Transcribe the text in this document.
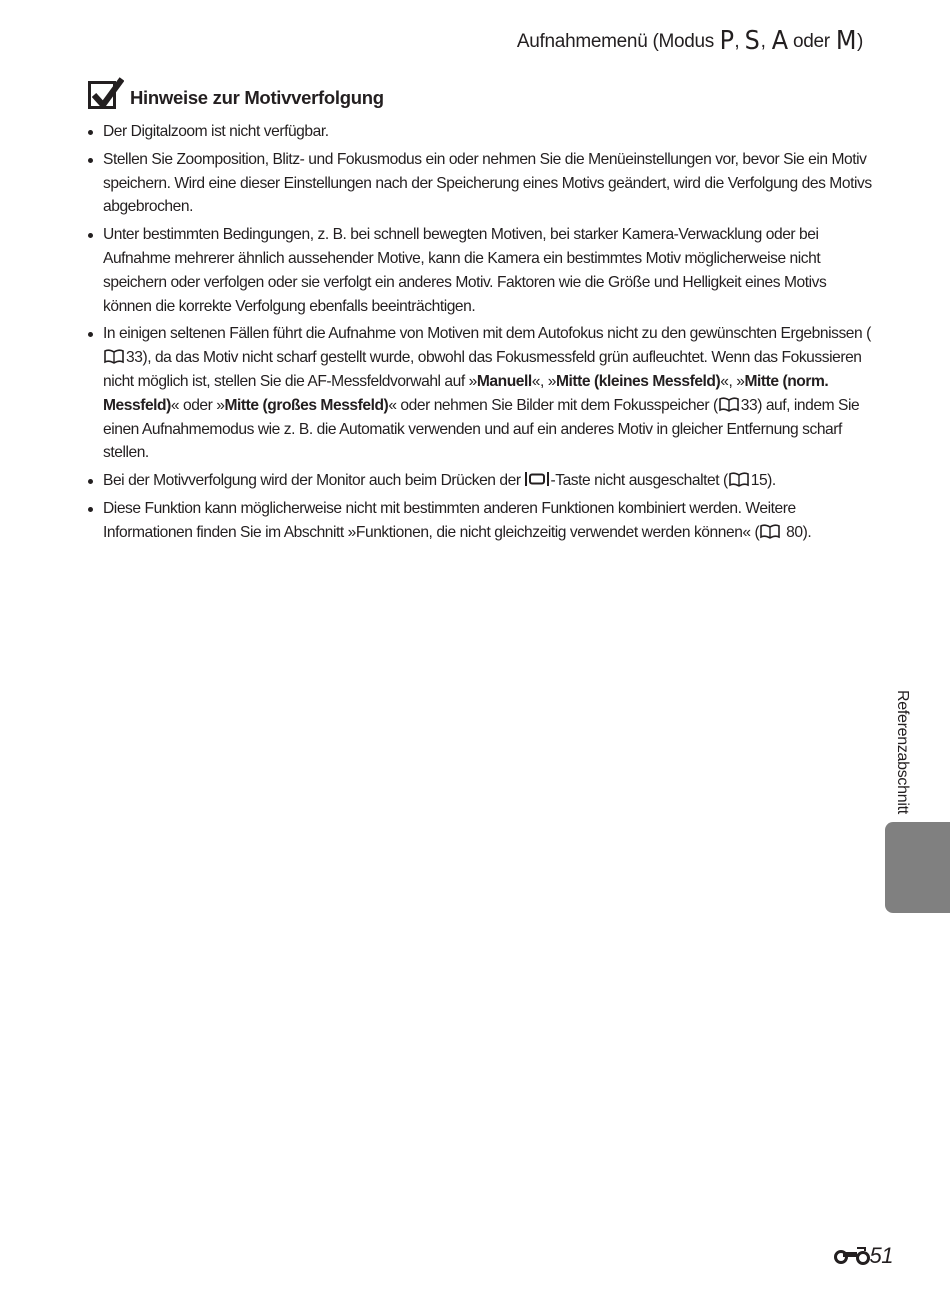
Aufnahmemenü (Modus P, S, A oder M)
Hinweise zur Motivverfolgung
Der Digitalzoom ist nicht verfügbar.
Stellen Sie Zoomposition, Blitz- und Fokusmodus ein oder nehmen Sie die Menüeinstellungen vor, bevor Sie ein Motiv speichern. Wird eine dieser Einstellungen nach der Speicherung eines Motivs geändert, wird die Verfolgung des Motivs abgebrochen.
Unter bestimmten Bedingungen, z. B. bei schnell bewegten Motiven, bei starker Kamera-Verwacklung oder bei Aufnahme mehrerer ähnlich aussehender Motive, kann die Kamera ein bestimmtes Motiv möglicherweise nicht speichern oder verfolgen oder sie verfolgt ein anderes Motiv. Faktoren wie die Größe und Helligkeit eines Motivs können die korrekte Verfolgung ebenfalls beeinträchtigen.
In einigen seltenen Fällen führt die Aufnahme von Motiven mit dem Autofokus nicht zu den gewünschten Ergebnissen (33), da das Motiv nicht scharf gestellt wurde, obwohl das Fokusmessfeld grün aufleuchtet. Wenn das Fokussieren nicht möglich ist, stellen Sie die AF-Messfeldvorwahl auf »Manuell«, »Mitte (kleines Messfeld)«, »Mitte (norm. Messfeld)« oder »Mitte (großes Messfeld)« oder nehmen Sie Bilder mit dem Fokusspeicher ( 33) auf, indem Sie einen Aufnahmemodus wie z. B. die Automatik verwenden und auf ein anderes Motiv in gleicher Entfernung scharf stellen.
Bei der Motivverfolgung wird der Monitor auch beim Drücken der -Taste nicht ausgeschaltet ( 15).
Diese Funktion kann möglicherweise nicht mit bestimmten anderen Funktionen kombiniert werden. Weitere Informationen finden Sie im Abschnitt »Funktionen, die nicht gleichzeitig verwendet werden können« ( 80).
Referenzabschnitt
51
